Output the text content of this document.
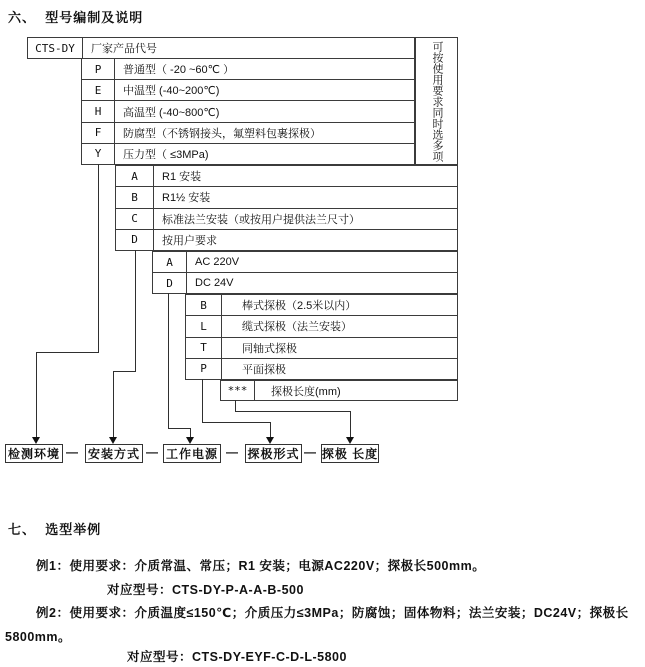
六、  型号编制及说明
CTS-DY	厂家产品代号	可按使用要求同时选多项
P	普通型（ -20 ~60℃ ）
E	中温型 (-40~200℃)
H	高温型 (-40~800℃)
F	防腐型（不锈钢接头，氟塑料包裹探极）
Y	压力型（ ≤3MPa)
A	R1 安装
B	R1½ 安装
C	标准法兰安装（或按用户提供法兰尺寸）
D	按用户要求
A	AC 220V
D	DC 24V
B	棒式探极（2.5米以内）
L	缆式探极（法兰安装）
T	同轴式探极
P	平面探极
***	探极长度(mm)
检测环境 — 安装方式 — 工作电源 — 探极形式 — 探极 长度
七、  选型举例
例1：使用要求：介质常温、常压；R1 安装；电源AC220V；探极长500mm。
对应型号：CTS-DY-P-A-A-B-500
例2：使用要求：介质温度≤150℃；介质压力≤3MPa；防腐蚀；固体物料；法兰安装；DC24V；探极长
5800mm。
对应型号：CTS-DY-EYF-C-D-L-5800
